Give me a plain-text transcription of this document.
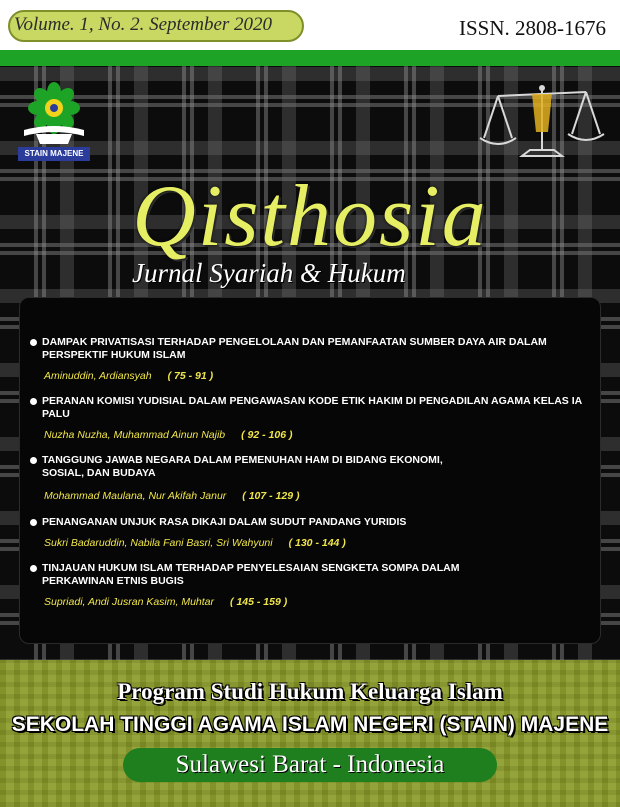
Volume. 1, No. 2. September 2020	ISSN. 2808-1676
STAIN MAJENE
Qisthosia
Jurnal Syariah & Hukum
DAMPAK PRIVATISASI TERHADAP PENGELOLAAN DAN PEMANFAATAN SUMBER DAYA AIR DALAM PERSPEKTIF HUKUM ISLAM
Aminuddin, Ardiansyah ( 75 - 91 )
PERANAN KOMISI YUDISIAL DALAM PENGAWASAN KODE ETIK HAKIM DI PENGADILAN AGAMA KELAS IA PALU
Nuzha Nuzha, Muhammad Ainun Najib ( 92 - 106 )
TANGGUNG JAWAB NEGARA DALAM PEMENUHAN HAM DI BIDANG EKONOMI, SOSIAL, DAN BUDAYA
Mohammad Maulana, Nur Akifah Janur ( 107 - 129 )
PENANGANAN UNJUK RASA DIKAJI DALAM SUDUT PANDANG YURIDIS
Sukri Badaruddin, Nabila Fani Basri, Sri Wahyuni ( 130 - 144 )
TINJAUAN HUKUM ISLAM TERHADAP PENYELESAIAN SENGKETA SOMPA DALAM PERKAWINAN ETNIS BUGIS
Supriadi, Andi Jusran Kasim, Muhtar ( 145 - 159 )
Program Studi Hukum Keluarga Islam
SEKOLAH TINGGI AGAMA ISLAM NEGERI (STAIN) MAJENE
Sulawesi Barat - Indonesia
